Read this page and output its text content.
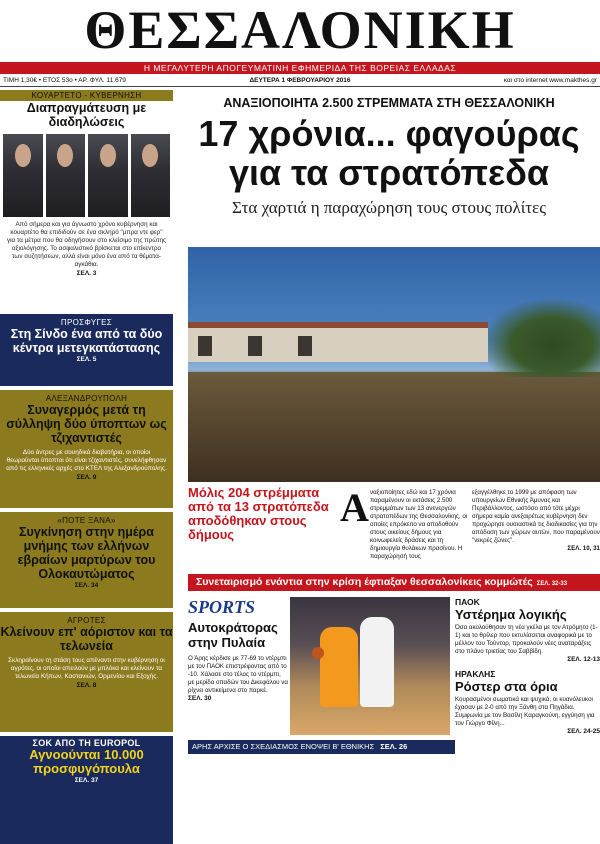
ΘΕΣΣΑΛΟΝΙΚΗ
Η ΜΕΓΑΛΥΤΕΡΗ ΑΠΟΓΕΥΜΑΤΙΝΗ ΕΦΗΜΕΡΙΔΑ ΤΗΣ ΒΟΡΕΙΑΣ ΕΛΛΑΔΑΣ
ΔΕΥΤΕΡΑ 1 ΦΕΒΡΟΥΑΡΙΟΥ 2016
ΤΙΜΗ 1,30€ • ΕΤΟΣ 53ο • ΑΡ. ΦΥΛ. 11.679	και στο internet www.makthes.gr
ΚΟΥΑΡΤΕΤΟ - ΚΥΒΕΡΝΗΣΗ
Διαπραγμάτευση με διαδηλώσεις
Από σήμερα και για άγνωστο χρόνο κυβέρνηση και κουαρτέτο θα επιδιδούν σε ένα σκληρό "μπρα ντε φερ" για τα μέτρα που θα οδηγήσουν στο κλείσιμο της πρώτης αξιολόγησης. Το ασφαλιστικό βρίσκεται στο επίκεντρο των συζητήσεων, αλλά είναι μόνο ένα από τα θέματα-αγκάθια.
ΣΕΛ. 3
ΠΡΟΣΦΥΓΕΣ
Στη Σίνδο ένα από τα δύο κέντρα μετεγκατάστασης
ΣΕΛ. 5
ΑΛΕΞΑΝΔΡΟΥΠΟΛΗ
Συναγερμός μετά τη σύλληψη δύο ύποπτων ως τζιχαντιστές
Δύο άντρες με σουηδικά διαβατήρια, οι οποίοι θεωρούνται ύποπτοι ότι είναι τζιχαντιστές, συνελήφθησαν από τις ελληνικές αρχές στο ΚΤΕΛ της Αλεξανδρούπολης.
ΣΕΛ. 9
«ΠΟΤΕ ΞΑΝΑ»
Συγκίνηση στην ημέρα μνήμης των ελλήνων εβραίων μαρτύρων του Ολοκαυτώματος
ΣΕΛ. 34
ΑΓΡΟΤΕΣ
Κλείνουν επ' αόριστον και τα τελωνεία
Σκληραίνουν τη στάση τους απέναντι στην κυβέρνηση οι αγρότες, οι οποίοι απειλούν με μπλόκα και κλείνουν τα τελωνεία Κήπων, Καστανιών, Ορμενίου και Εξοχής.
ΣΕΛ. 8
ΣΟΚ ΑΠΟ ΤΗ EUROPOL
Αγνοούνται 10.000 προσφυγόπουλα
ΣΕΛ. 37
ΑΝΑΞΙΟΠΟΙΗΤΑ 2.500 ΣΤΡΕΜΜΑΤΑ ΣΤΗ ΘΕΣΣΑΛΟΝΙΚΗ
17 χρόνια... φαγούρας
για τα στρατόπεδα
Στα χαρτιά η παραχώρηση τους στους πολίτες
Μόλις 204 στρέμματα από τα 13 στρατόπεδα αποδόθηκαν στους δήμους
Α ναξιοποίητες εδώ και 17 χρόνια παραμένουν οι εκτάσεις 2.500 στρεμμάτων των 13 ανενεργών στρατοπέδων της Θεσσαλονίκης, οι οποίες επρόκειτο να αποδοθούν στους οικείους δήμους για κοινωφελείς δράσεις και τη δημιουργία θυλάκων πρασίνου. Η παραχώρησή τους
εξαγγέλθηκε το 1999 με απόφαση των υπουργείων Εθνικής Άμυνας και Περιβάλλοντος, ωστόσο από τότε μέχρι σήμερα καμία ανεξαιρέτως κυβέρνηση δεν προχώρησε ουσιαστικά τις διαδικασίες για την απόδοση των χώρων αυτών, που παραμένουν "νεκρές ζώνες".
ΣΕΛ. 10, 31
Συνεταιρισμό ενάντια στην κρίση έφτιαξαν θεσσαλονίκεις κομμώτές ΣΕΛ. 32-33
SPORTS
Αυτοκράτορας στην Πυλαία
Ο Άρης κέρδισε με 77-69 το ντέρμπι με τον ΠΑΟΚ επιστρέφοντας από το -10. Χάλασε στο τέλος το ντέρμπι, με μερίδα οπαδών του Δικεφάλου να ρίχνει αντικείμενα στο παρκέ.
ΣΕΛ. 30
ΠΑΟΚ
Υστέρημα λογικής
Όσα ακολούθησαν τη νέα γκέλα με τον Ατρόμητο (1-1) και το θρίλερ που εκτυλίσσεται αναφορικά με το μέλλον του Τούντορ, προκαλούν νέες αναταράξεις στο πλάνο τριετίας του Σαββίδη.
ΣΕΛ. 12-13
ΗΡΑΚΛΗΣ
Ρόστερ στα όρια
Κουρασμένοι σωματικά και ψυχικά, οι κυανόλευκοι έχασαν με 2-0 από την Ξάνθη στα Πηγάδια. Συμφωνία με τον Βασίλη Καραγκούνη, εγγύηση για τον Γιώργο Φίλη...
ΣΕΛ. 24-25
ΑΡΗΣ ΑΡΧΙΣΕ Ο ΣΧΕΔΙΑΣΜΟΣ ΕΝΟΨΕΙ Β' ΕΘΝΙΚΗΣ ΣΕΛ. 26
